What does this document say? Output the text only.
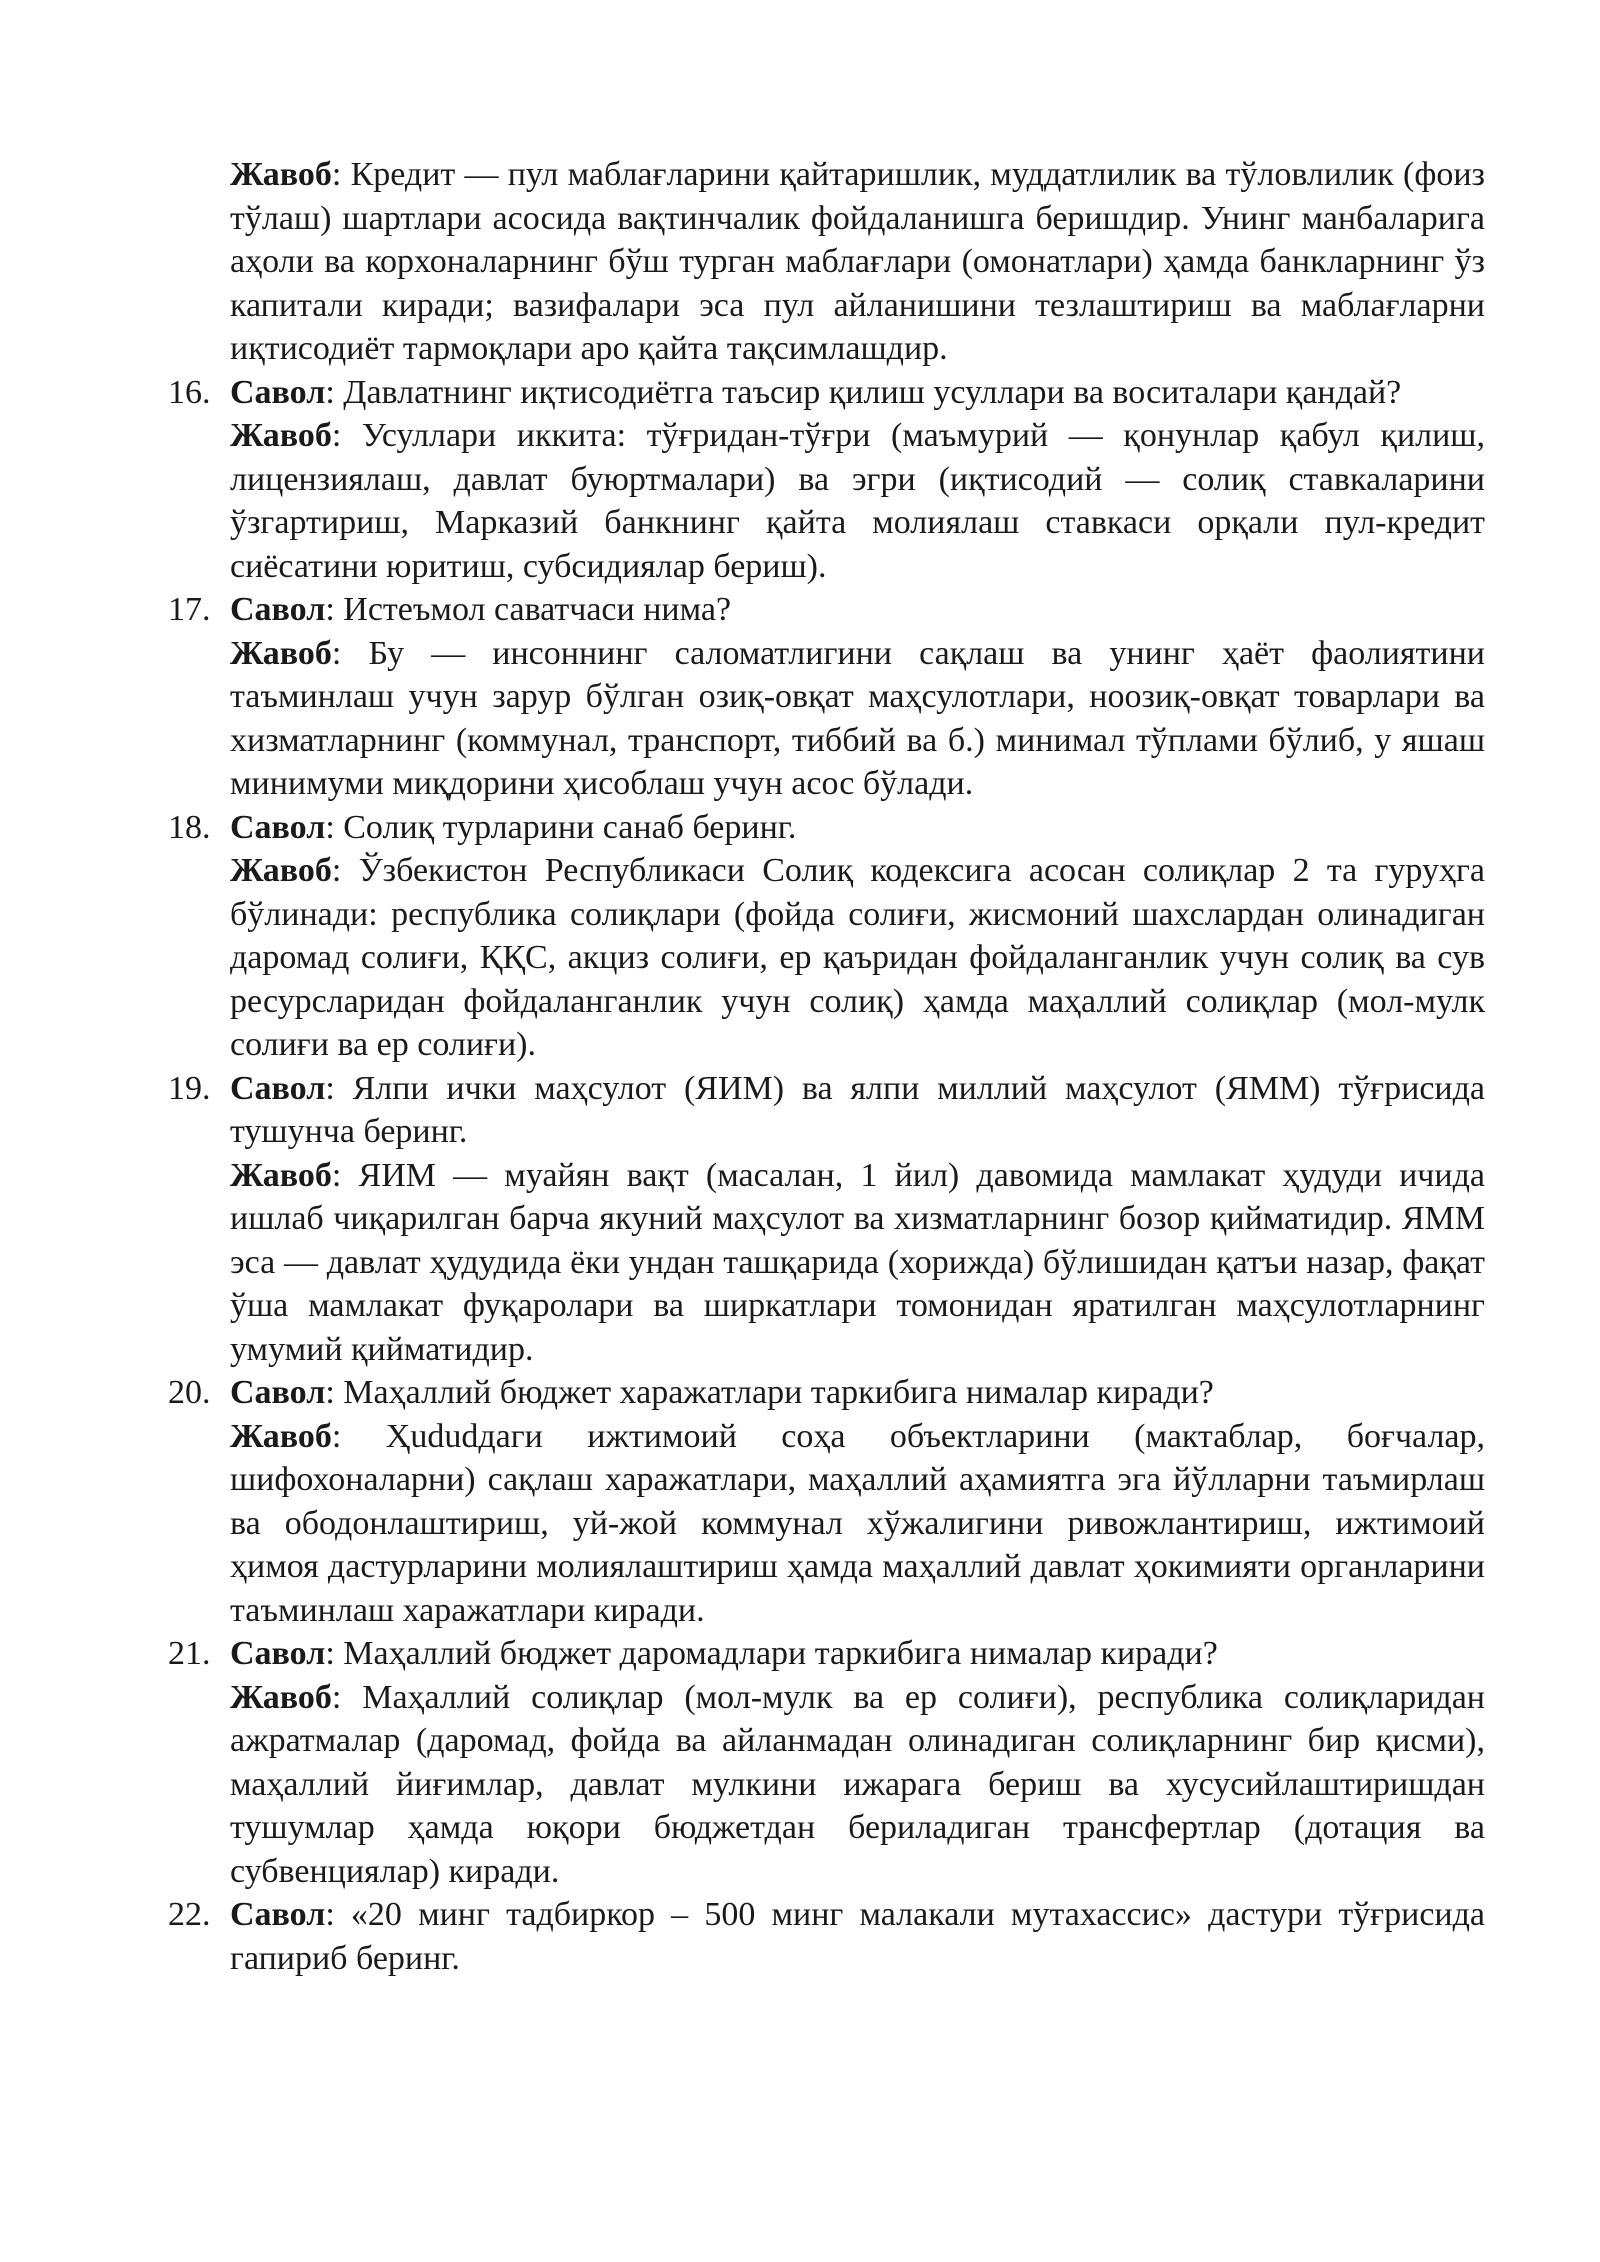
Жавоб: Кредит — пул маблағларини қайтаришлик, муддатлилик ва тўловлилик (фоиз тўлаш) шартлари асосида вақтинчалик фойдаланишга беришдир. Унинг манбаларига аҳоли ва корхоналарнинг бўш турган маблағлари (омонатлари) ҳамда банкларнинг ўз капитали киради; вазифалари эса пул айланишини тезлаштириш ва маблағларни иқтисодиёт тармоқлари аро қайта тақсимлашдир.

16. Савол: Давлатнинг иқтисодиётга таъсир қилиш усуллари ва воситалари қандай?

Жавоб: Усуллари иккита: тўғридан-тўғри (маъмурий — қонунлар қабул қилиш, лицензиялаш, давлат буюртмалари) ва эгри (иқтисодий — солиқ ставкаларини ўзгартириш, Марказий банкнинг қайта молиялаш ставкаси орқали пул-кредит сиёсатини юритиш, субсидиялар бериш).

17. Савол: Истеъмол саватчаси нима?

Жавоб: Бу — инсоннинг саломатлигини сақлаш ва унинг ҳаёт фаолиятини таъминлаш учун зарур бўлган озиқ-овқат маҳсулотлари, ноозиқ-овқат товарлари ва хизматларнинг (коммунал, транспорт, тиббий ва б.) минимал тўплами бўлиб, у яшаш минимуми миқдорини ҳисоблаш учун асос бўлади.

18. Савол: Солиқ турларини санаб беринг.

Жавоб: Ўзбекистон Республикаси Солиқ кодексига асосан солиқлар 2 та гуруҳга бўлинади: республика солиқлари (фойда солиғи, жисмоний шахслардан олинадиган даромад солиғи, ҚҚС, акциз солиғи, ер қаъридан фойдаланганлик учун солиқ ва сув ресурсларидан фойдаланганлик учун солиқ) ҳамда маҳаллий солиқлар (мол-мулк солиғи ва ер солиғи).

19. Савол: Ялпи ички маҳсулот (ЯИМ) ва ялпи миллий маҳсулот (ЯММ) тўғрисида тушунча беринг.

Жавоб: ЯИМ — муайян вақт (масалан, 1 йил) давомида мамлакат ҳудуди ичида ишлаб чиқарилган барча якуний маҳсулот ва хизматларнинг бозор қийматидир. ЯММ эса — давлат ҳудудида ёки ундан ташқарида (хорижда) бўлишидан қатъи назар, фақат ўша мамлакат фуқаролари ва ширкатлари томонидан яратилган маҳсулотларнинг умумий қийматидир.

20. Савол: Маҳаллий бюджет харажатлари таркибига нималар киради?

Жавоб: Ҳududдаги ижтимоий соҳа объектларини (мактаблар, боғчалар, шифохоналарни) сақлаш харажатлари, маҳаллий аҳамиятга эга йўлларни таъмирлаш ва ободонлаштириш, уй-жой коммунал хўжалигини ривожлантириш, ижтимоий ҳимоя дастурларини молиялаштириш ҳамда маҳаллий давлат ҳокимияти органларини таъминлаш харажатлари киради.

21. Савол: Маҳаллий бюджет даромадлари таркибига нималар киради?

Жавоб: Маҳаллий солиқлар (мол-мулк ва ер солиғи), республика солиқларидан ажратмалар (даромад, фойда ва айланмадан олинадиган солиқларнинг бир қисми), маҳаллий йиғимлар, давлат мулкини ижарага бериш ва хусусийлаштиришдан тушумлар ҳамда юқори бюджетдан бериладиган трансфертлар (дотация ва субвенциялар) киради.

22. Савол: «20 минг тадбиркор – 500 минг малакали мутахассис» дастури тўғрисида гапириб беринг.
